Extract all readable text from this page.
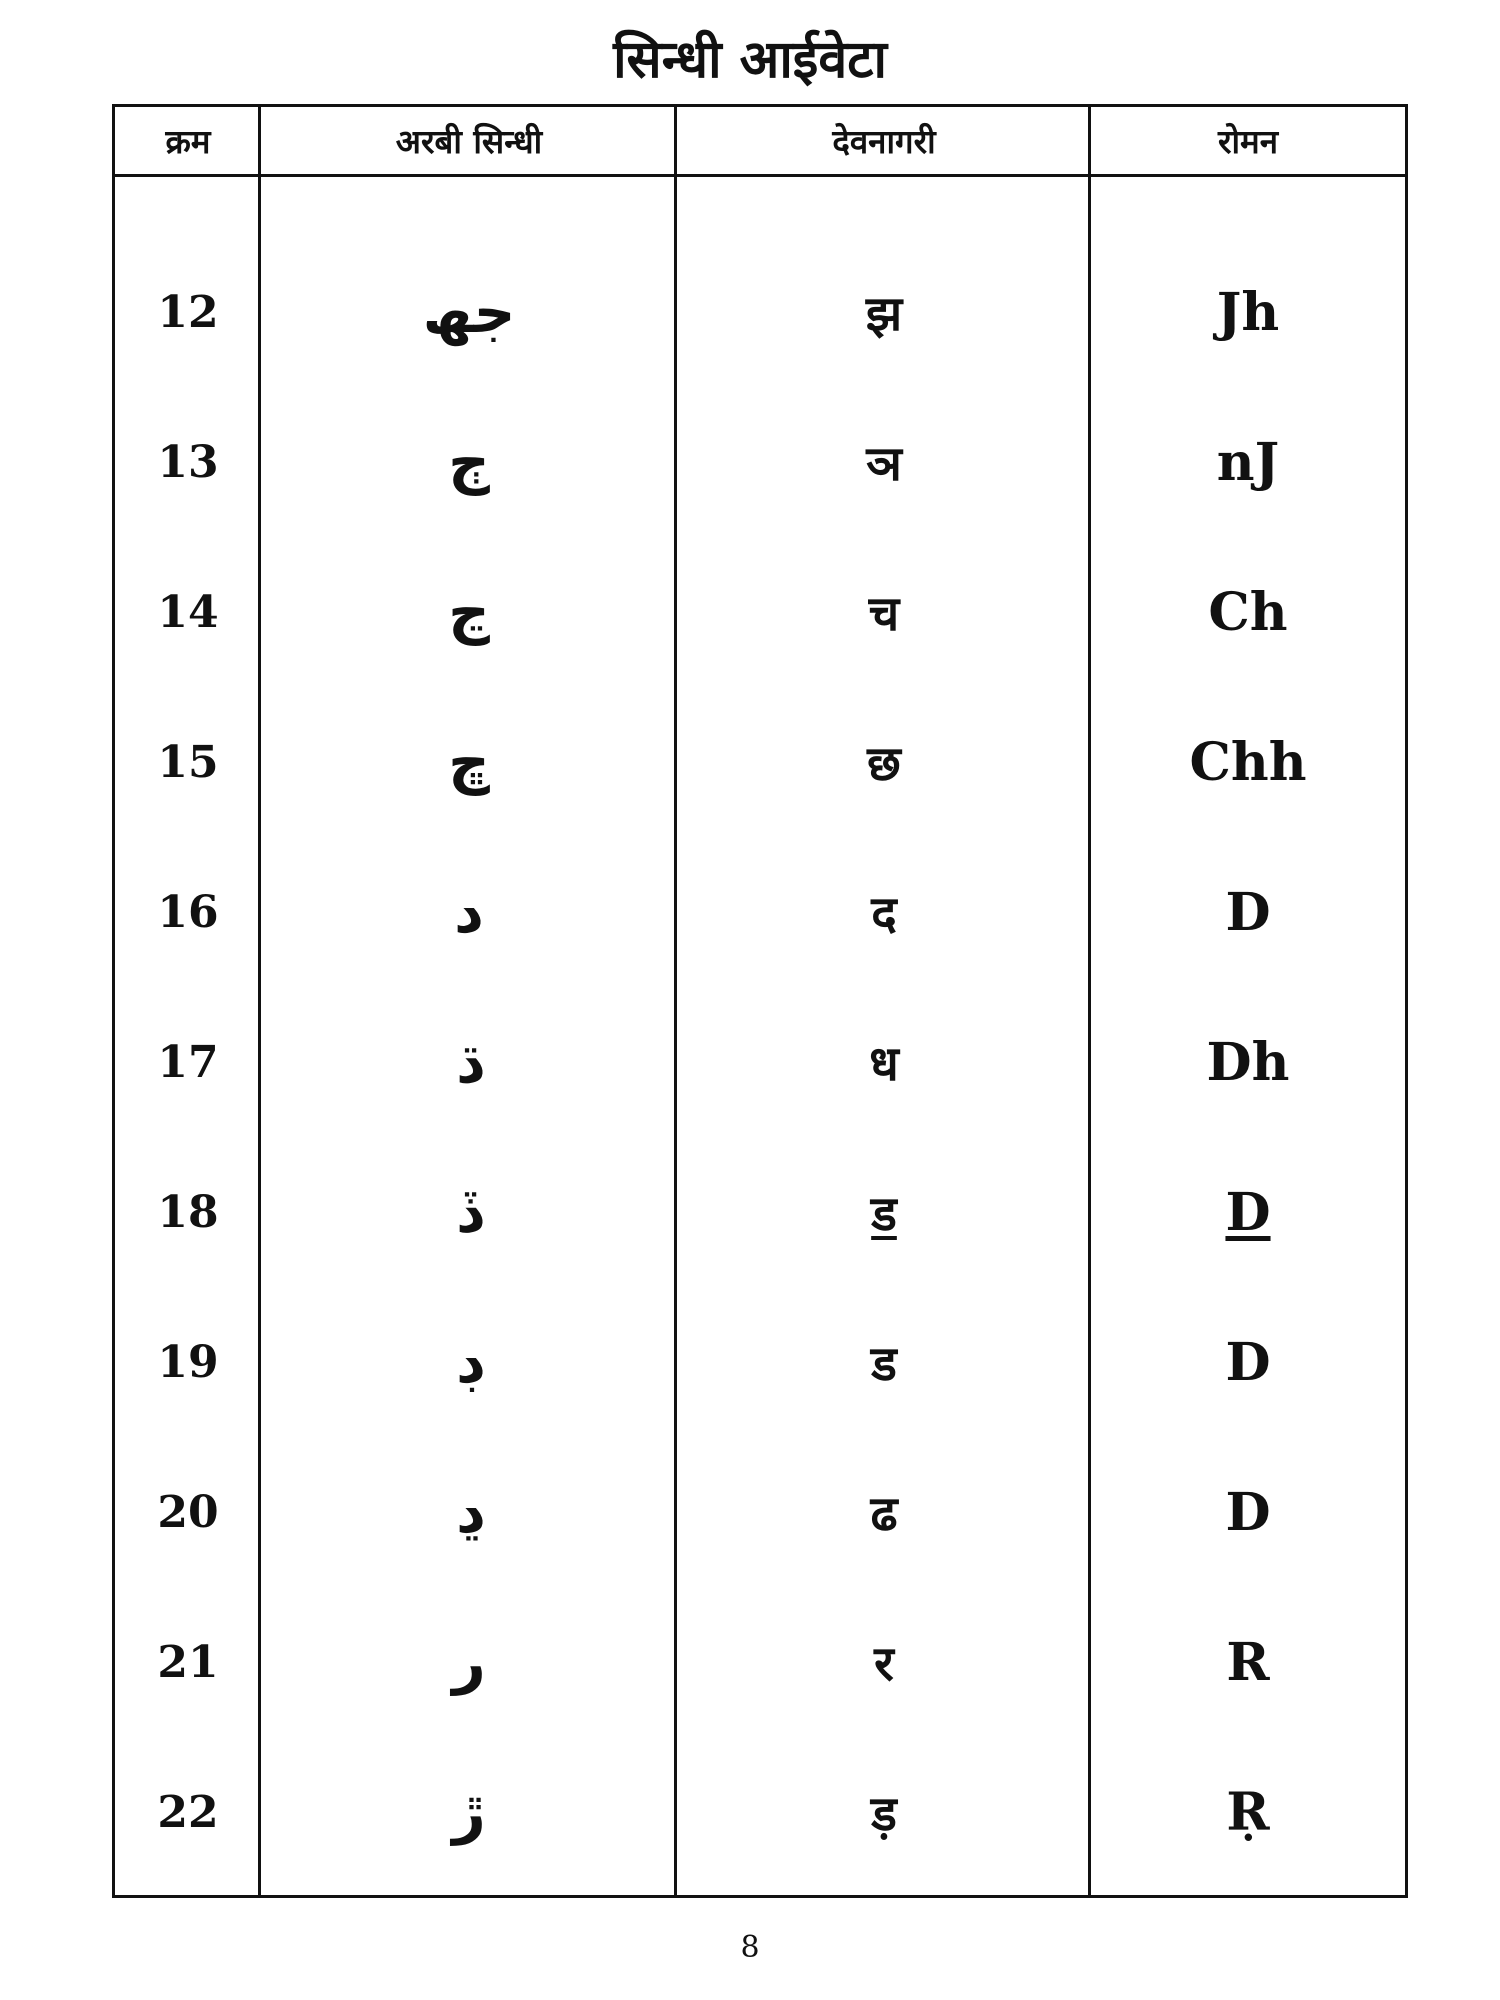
सिन्धी आईवेटा
क्रम	अरबी सिन्धी	देवनागरी	रोमन
12	جھ	झ	Jh
13	ڄ	ञ	nJ
14	ڃ	च	Ch
15	ڇ	छ	Chh
16	د	द	D
17	ڌ	ध	Dh
18	ڏ	ड	D
19	ڊ	ड	D
20	ڍ	ढ	D
21	ر	र	R
22	ڙ	ड़	Ṛ
8
